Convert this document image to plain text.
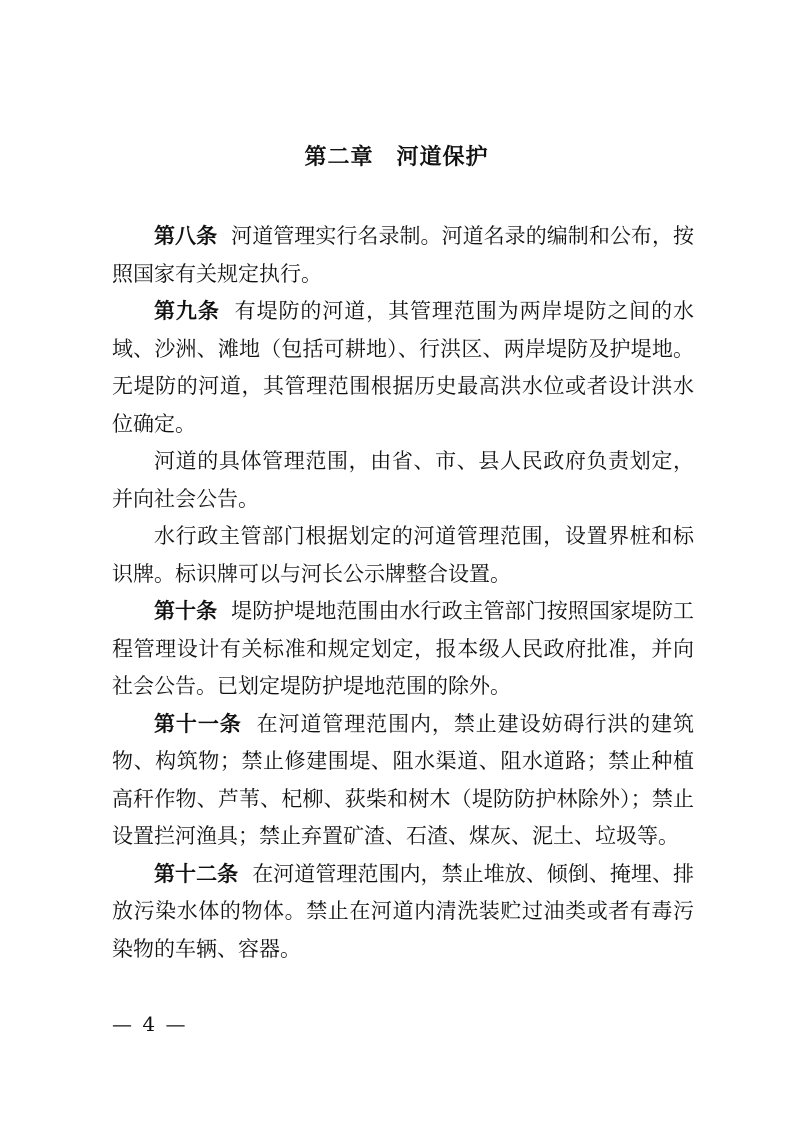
第二章　河道保护

第八条 河道管理实行名录制。河道名录的编制和公布，按照国家有关规定执行。

第九条 有堤防的河道，其管理范围为两岸堤防之间的水域、沙洲、滩地（包括可耕地）、行洪区、两岸堤防及护堤地。无堤防的河道，其管理范围根据历史最高洪水位或者设计洪水位确定。

河道的具体管理范围，由省、市、县人民政府负责划定，并向社会公告。

水行政主管部门根据划定的河道管理范围，设置界桩和标识牌。标识牌可以与河长公示牌整合设置。

第十条 堤防护堤地范围由水行政主管部门按照国家堤防工程管理设计有关标准和规定划定，报本级人民政府批准，并向社会公告。已划定堤防护堤地范围的除外。

第十一条 在河道管理范围内，禁止建设妨碍行洪的建筑物、构筑物；禁止修建围堤、阻水渠道、阻水道路；禁止种植高秆作物、芦苇、杞柳、荻柴和树木（堤防防护林除外）；禁止设置拦河渔具；禁止弃置矿渣、石渣、煤灰、泥土、垃圾等。

第十二条 在河道管理范围内，禁止堆放、倾倒、掩埋、排放污染水体的物体。禁止在河道内清洗装贮过油类或者有毒污染物的车辆、容器。

— 4 —
